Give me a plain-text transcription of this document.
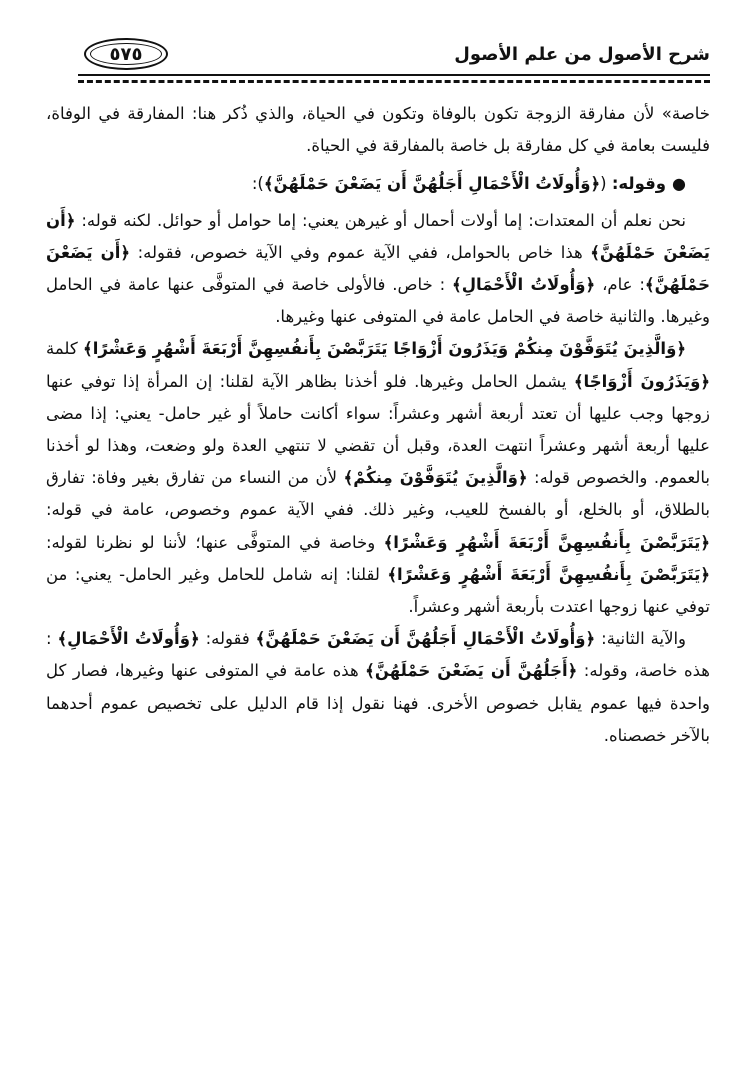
٥٧٥	شرح الأصول من علم الأصول

خاصة» لأن مفارقة الزوجة تكون بالوفاة وتكون في الحياة، والذي ذُكر هنا: المفارقة في الوفاة، فليست بعامة في كل مفارقة بل خاصة بالمفارقة في الحياة.

●وقوله: (﴿وَأُولَاتُ الْأَحْمَالِ أَجَلُهُنَّ أَن يَضَعْنَ حَمْلَهُنَّ﴾):

نحن نعلم أن المعتدات: إما أولات أحمال أو غيرهن يعني: إما حوامل أو حوائل. لكنه قوله: ﴿أَن يَضَعْنَ حَمْلَهُنَّ﴾ هذا خاص بالحوامل، ففي الآية عموم وفي الآية خصوص، فقوله: ﴿أَن يَضَعْنَ حَمْلَهُنَّ﴾: عام، ﴿وَأُولَاتُ الْأَحْمَالِ﴾ : خاص. فالأولى خاصة في المتوفَّى عنها عامة في الحامل وغيرها. والثانية خاصة في الحامل عامة في المتوفى عنها وغيرها.

﴿وَالَّذِينَ يُتَوَفَّوْنَ مِنكُمْ وَيَذَرُونَ أَزْوَاجًا يَتَرَبَّصْنَ بِأَنفُسِهِنَّ أَرْبَعَةَ أَشْهُرٍ وَعَشْرًا﴾ كلمة ﴿وَيَذَرُونَ أَزْوَاجًا﴾ يشمل الحامل وغيرها. فلو أخذنا بظاهر الآية لقلنا: إن المرأة إذا توفي عنها زوجها وجب عليها أن تعتد أربعة أشهر وعشراً: سواء أكانت حاملاً أو غير حامل- يعني: إذا مضى عليها أربعة أشهر وعشراً انتهت العدة، وقبل أن تقضي لا تنتهي العدة ولو وضعت، وهذا لو أخذنا بالعموم. والخصوص قوله: ﴿وَالَّذِينَ يُتَوَفَّوْنَ مِنكُمْ﴾ لأن من النساء من تفارق بغير وفاة: تفارق بالطلاق، أو بالخلع، أو بالفسخ للعيب، وغير ذلك. ففي الآية عموم وخصوص، عامة في قوله: ﴿يَتَرَبَّصْنَ بِأَنفُسِهِنَّ أَرْبَعَةَ أَشْهُرٍ وَعَشْرًا﴾ وخاصة في المتوفَّى عنها؛ لأننا لو نظرنا لقوله: ﴿يَتَرَبَّصْنَ بِأَنفُسِهِنَّ أَرْبَعَةَ أَشْهُرٍ وَعَشْرًا﴾ لقلنا: إنه شامل للحامل وغير الحامل- يعني: من توفي عنها زوجها اعتدت بأربعة أشهر وعشراً.

والآية الثانية: ﴿وَأُولَاتُ الْأَحْمَالِ أَجَلُهُنَّ أَن يَضَعْنَ حَمْلَهُنَّ﴾ فقوله: ﴿وَأُولَاتُ الْأَحْمَالِ﴾ : هذه خاصة، وقوله: ﴿أَجَلُهُنَّ أَن يَضَعْنَ حَمْلَهُنَّ﴾ هذه عامة في المتوفى عنها وغيرها، فصار كل واحدة فيها عموم يقابل خصوص الأخرى. فهنا نقول إذا قام الدليل على تخصيص عموم أحدهما بالآخر خصصناه.
